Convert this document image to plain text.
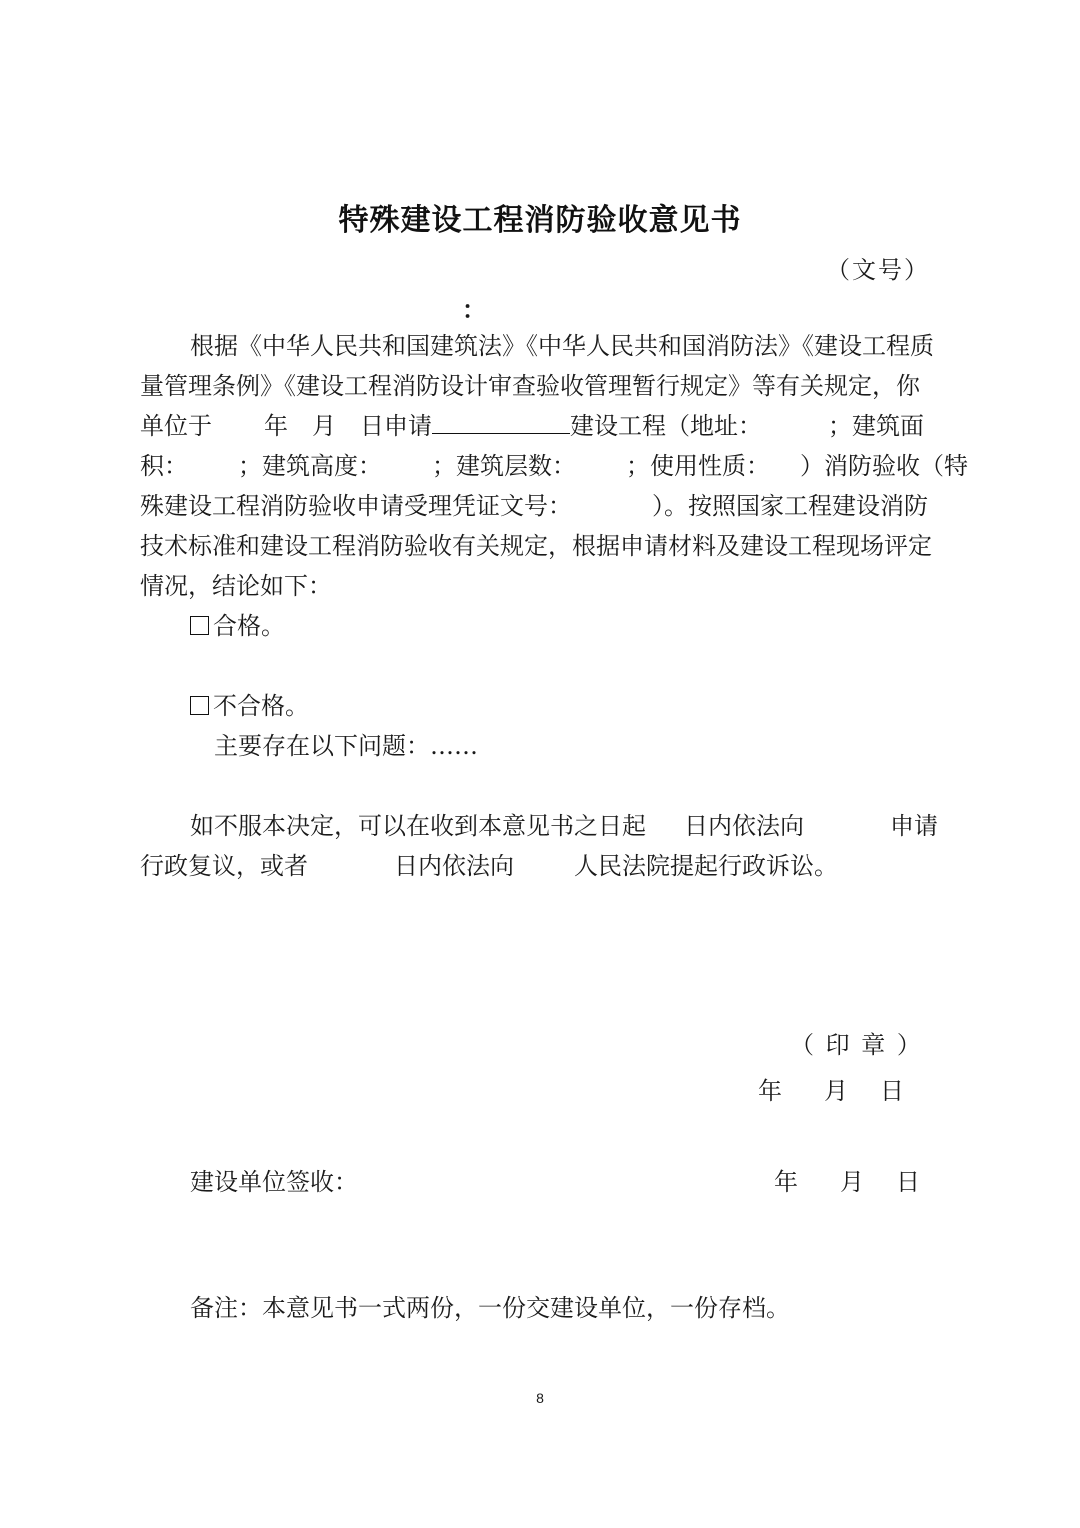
特殊建设工程消防验收意见书
（文号）
：
根据《中华人民共和国建筑法》《中华人民共和国消防法》《建设工程质
量管理条例》《建设工程消防设计审查验收管理暂行规定》等有关规定，你
单位于 年 月 日申请	建设工程（地址：	；建筑面
积： ；建筑高度： ；建筑层数： ；使用性质： ）消防验收（特
殊建设工程消防验收申请受理凭证文号：	）。按照国家工程建设消防
技术标准和建设工程消防验收有关规定，根据申请材料及建设工程现场评定
情况，结论如下：
合格。
不合格。
主要存在以下问题：……
如不服本决定，可以在收到本意见书之日起 日内依法向	申请
行政复议，或者	日内依法向	人民法院提起行政诉讼。
（ 印 章 ）
年 月 日
建设单位签收：	年 月 日
备注：本意见书一式两份，一份交建设单位，一份存档。
8
